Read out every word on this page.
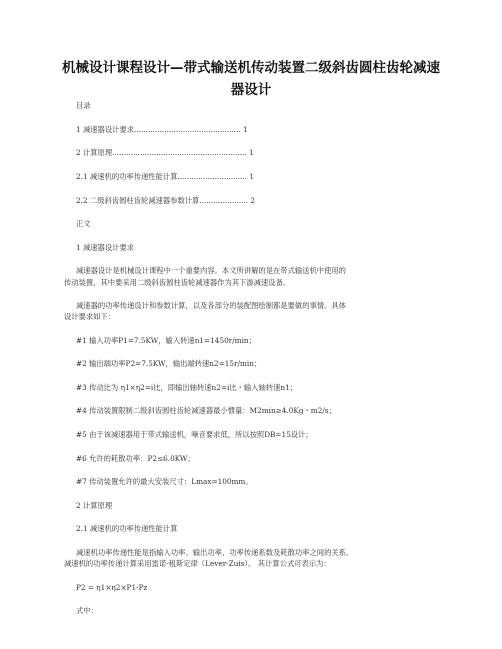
机械设计课程设计—带式输送机传动装置二级斜齿圆柱齿轮减速
器设计
目录
1 减速器设计要求.............................................. 1
2 计算原理.......................................................... 1
2.1 减速机的功率传递性能计算.............................. 1
2.2 二级斜齿圆柱齿轮减速器参数计算..................... 2
正文
1 减速器设计要求
减速器设计是机械设计课程中一个重要内容。本文所讲解的是在带式输送机中使用的
传动装置，其中要采用二级斜齿圆柱齿轮减速器作为其下游减速设备。
减速器的功率传递设计和参数计算，以及各部分的装配图绘制都是要做的事情。具体
设计要求如下：
#1 输入功率P1=7.5KW，输入转速n1=1450r/min；
#2 输出端功率P2=7.5KW，输出端转速n2=15r/min；
#3 传动比为 η1×η2=i比，即输出轴转速n2=i比・输入轴转速n1；
#4 传动装置限制二级斜齿圆柱齿轮减速器最小惯量：M2min≥4.0Kg・m2/s；
#5 由于该减速器用于带式输送机，噪音要求低，所以按照DB=15设计；
#6 允许的耗散功率：P2≤6.0KW；
#7 传动装置允许的最大安装尺寸：Lmax=100mm。
2 计算原理
2.1 减速机的功率传递性能计算
减速机功率传递性能是指输入功率、输出功率、功率传递系数及耗散功率之间的关系。
减速机的功率传递计算采用雷诺-租斯定律（Lever-Zuis）。 其计算公式可表示为：
P2 = η1×η2×P1-Pz
式中：
